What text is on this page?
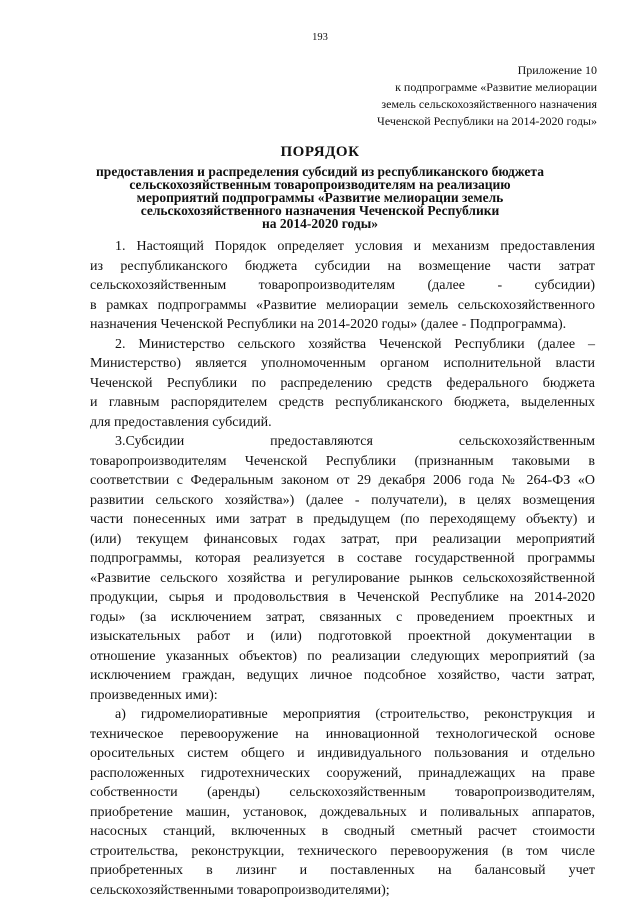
193
Приложение 10
к подпрограмме «Развитие мелиорации
земель сельскохозяйственного назначения
Чеченской Республики на 2014-2020 годы»
ПОРЯДОК
предоставления и распределения субсидий из республиканского бюджета
сельскохозяйственным товаропроизводителям на реализацию
мероприятий подпрограммы «Развитие мелиорации земель
сельскохозяйственного назначения Чеченской Республики
на 2014-2020 годы»
1. Настоящий Порядок определяет условия и механизм предоставления
из республиканского бюджета субсидии на возмещение части затрат
сельскохозяйственным товаропроизводителям (далее - субсидии)
в рамках подпрограммы «Развитие мелиорации земель сельскохозяйственного
назначения Чеченской Республики на 2014-2020 годы» (далее - Подпрограмма).
2. Министерство сельского хозяйства Чеченской Республики (далее –
Министерство) является уполномоченным органом исполнительной власти
Чеченской Республики по распределению средств федерального бюджета
и главным распорядителем средств республиканского бюджета, выделенных
для предоставления субсидий.
3.Субсидии предоставляются сельскохозяйственным
товаропроизводителям Чеченской Республики (признанным таковыми в
соответствии с Федеральным законом от 29 декабря 2006 года № 264-ФЗ «О
развитии сельского хозяйства») (далее - получатели), в целях возмещения
части понесенных ими затрат в предыдущем (по переходящему объекту) и
(или) текущем финансовых годах затрат, при реализации мероприятий
подпрограммы, которая реализуется в составе государственной программы
«Развитие сельского хозяйства и регулирование рынков сельскохозяйственной
продукции, сырья и продовольствия в Чеченской Республике на 2014-2020
годы» (за исключением затрат, связанных с проведением проектных и
изыскательных работ и (или) подготовкой проектной документации в
отношение указанных объектов) по реализации следующих мероприятий (за
исключением граждан, ведущих личное подсобное хозяйство, части затрат,
произведенных ими):
а) гидромелиоративные мероприятия (строительство, реконструкция и
техническое перевооружение на инновационной технологической основе
оросительных систем общего и индивидуального пользования и отдельно
расположенных гидротехнических сооружений, принадлежащих на праве
собственности (аренды) сельскохозяйственным товаропроизводителям,
приобретение машин, установок, дождевальных и поливальных аппаратов,
насосных станций, включенных в сводный сметный расчет стоимости
строительства, реконструкции, технического перевооружения (в том числе
приобретенных в лизинг и поставленных на балансовый учет
сельскохозяйственными товаропроизводителями);
